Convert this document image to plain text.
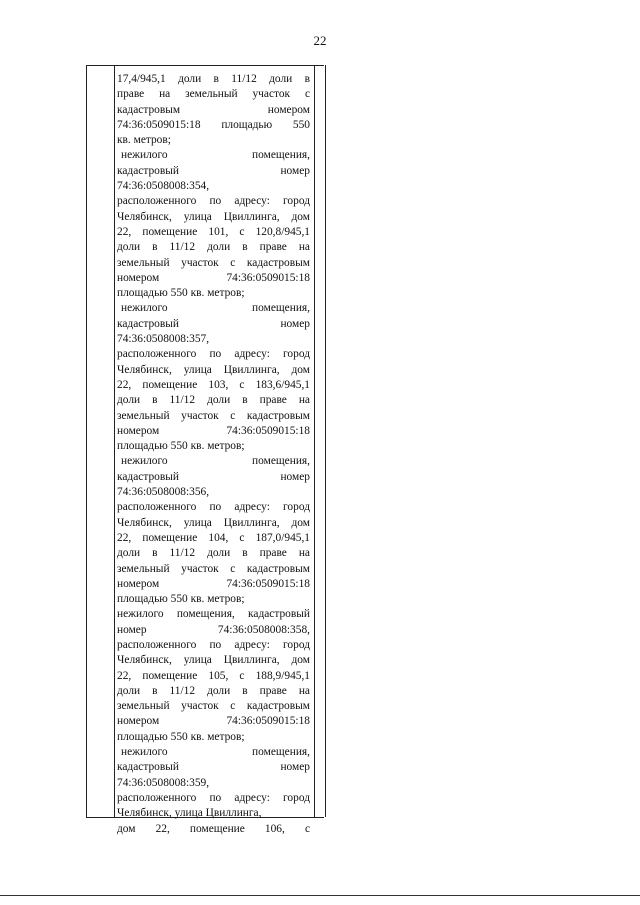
22
17,4/945,1 доли в 11/12 доли в
праве на земельный участок с
кадастровым номером
74:36:0509015:18 площадью 550
кв. метров;
нежилого помещения,
кадастровый номер
74:36:0508008:354,
расположенного по адресу: город
Челябинск, улица Цвиллинга, дом
22, помещение 101, с 120,8/945,1
доли в 11/12 доли в праве на
земельный участок с кадастровым
номером 74:36:0509015:18
площадью 550 кв. метров;
нежилого помещения,
кадастровый номер
74:36:0508008:357,
расположенного по адресу: город
Челябинск, улица Цвиллинга, дом
22, помещение 103, с 183,6/945,1
доли в 11/12 доли в праве на
земельный участок с кадастровым
номером 74:36:0509015:18
площадью 550 кв. метров;
нежилого помещения,
кадастровый номер
74:36:0508008:356,
расположенного по адресу: город
Челябинск, улица Цвиллинга, дом
22, помещение 104, с 187,0/945,1
доли в 11/12 доли в праве на
земельный участок с кадастровым
номером 74:36:0509015:18
площадью 550 кв. метров;
нежилого помещения, кадастровый
номер 74:36:0508008:358,
расположенного по адресу: город
Челябинск, улица Цвиллинга, дом
22, помещение 105, с 188,9/945,1
доли в 11/12 доли в праве на
земельный участок с кадастровым
номером 74:36:0509015:18
площадью 550 кв. метров;
нежилого помещения,
кадастровый номер
74:36:0508008:359,
расположенного по адресу: город
Челябинск, улица Цвиллинга,
дом 22, помещение 106, с
